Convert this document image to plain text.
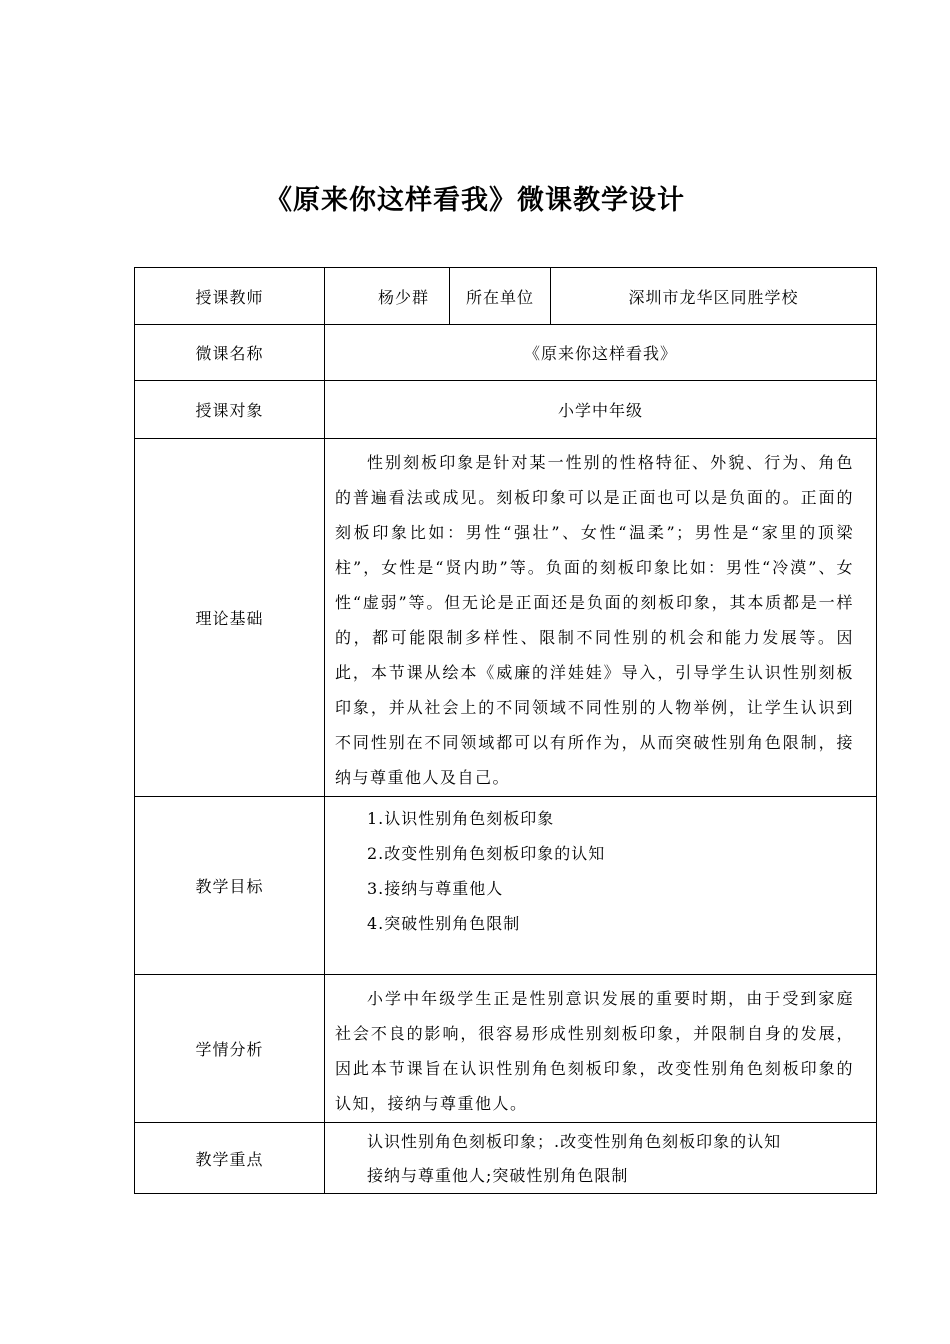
《原来你这样看我》微课教学设计
授课教师	杨少群	所在单位	深圳市龙华区同胜学校
微课名称	《原来你这样看我》		
授课对象	小学中年级		
理论基础	性别刻板印象是针对某一性别的性格特征、外貌、行为、角色的普遍看法或成见。刻板印象可以是正面也可以是负面的。正面的刻板印象比如：男性“强壮”、女性“温柔”；男性是“家里的顶梁柱”，女性是“贤内助”等。负面的刻板印象比如：男性“冷漠”、女性“虚弱”等。但无论是正面还是负面的刻板印象，其本质都是一样的，都可能限制多样性、限制不同性别的机会和能力发展等。因此，本节课从绘本《威廉的洋娃娃》导入，引导学生认识性别刻板印象，并从社会上的不同领域不同性别的人物举例，让学生认识到不同性别在不同领域都可以有所作为，从而突破性别角色限制，接纳与尊重他人及自己。		
教学目标	1.认识性别角色刻板印象
2.改变性别角色刻板印象的认知
3.接纳与尊重他人
4.突破性别角色限制		

学情分析	小学中年级学生正是性别意识发展的重要时期，由于受到家庭社会不良的影响，很容易形成性别刻板印象，并限制自身的发展，因此本节课旨在认识性别角色刻板印象，改变性别角色刻板印象的认知，接纳与尊重他人。		
教学重点	认识性别角色刻板印象；.改变性别角色刻板印象的认知
接纳与尊重他人;突破性别角色限制		
